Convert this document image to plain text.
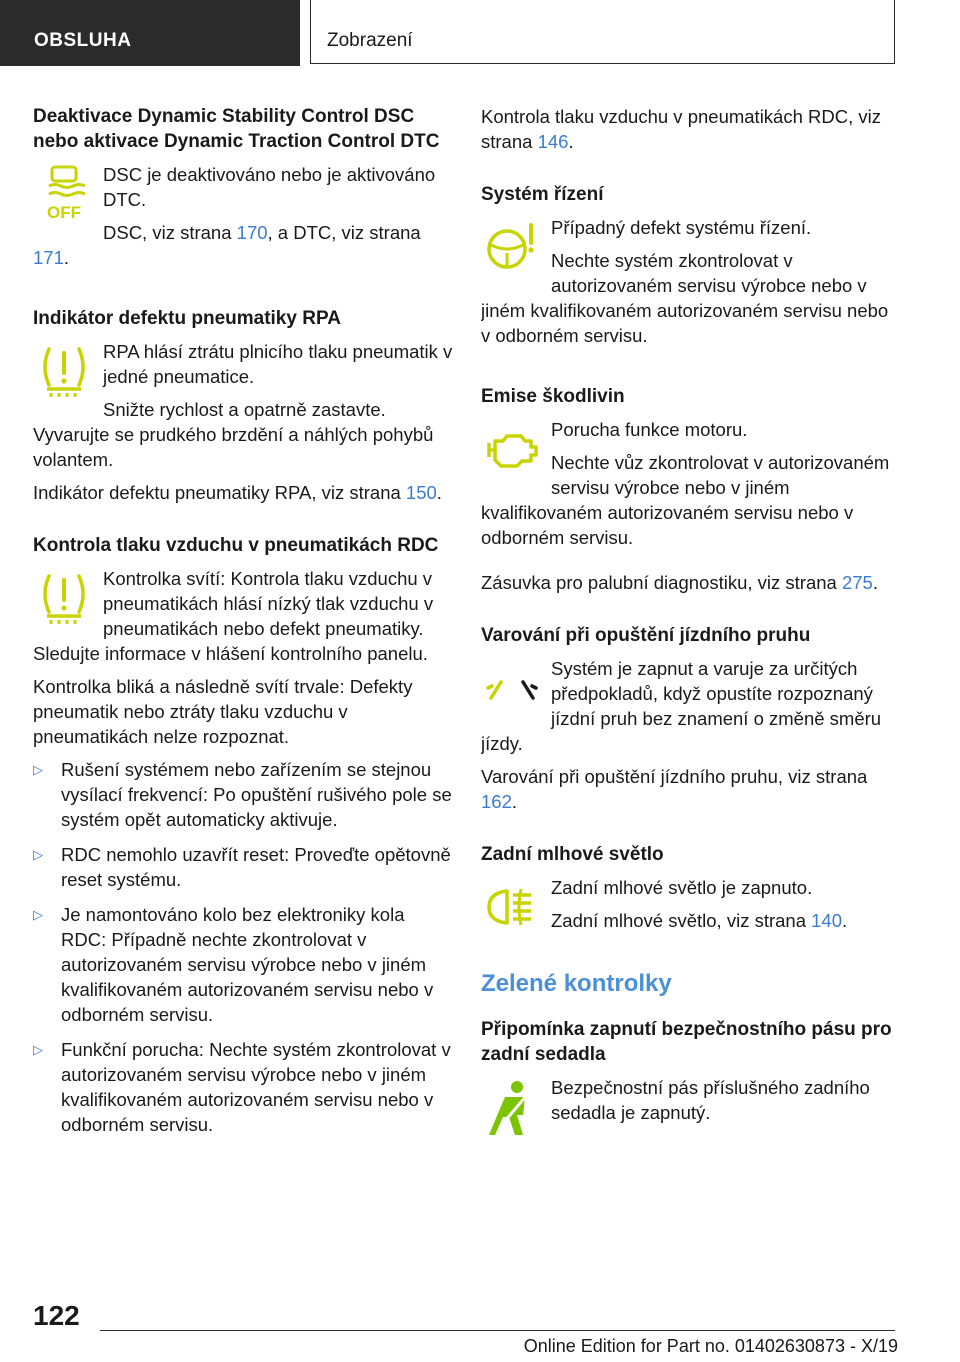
OBSLUHA	Zobrazení
Deaktivace Dynamic Stability Control DSC nebo aktivace Dynamic Traction Control DTC
OFF

DSC je deaktivováno nebo je aktivováno DTC.

DSC, viz strana 170, a DTC, viz strana 171.

Indikátor defektu pneumatiky RPA

RPA hlásí ztrátu plnicího tlaku pneumatik v jedné pneumatice.

Snižte rychlost a opatrně zastavte. Vyvarujte se prudkého brzdění a náhlých pohybů volantem.

Indikátor defektu pneumatiky RPA, viz strana 150.

Kontrola tlaku vzduchu v pneumatikách RDC

Kontrolka svítí: Kontrola tlaku vzduchu v pneumatikách hlásí nízký tlak vzduchu v pneumatikách nebo defekt pneumatiky. Sledujte informace v hlášení kontrolního panelu.

Kontrolka bliká a následně svítí trvale: Defekty pneumatik nebo ztráty tlaku vzduchu v pneumatikách nelze rozpoznat.

▷ Rušení systémem nebo zařízením se stejnou vysílací frekvencí: Po opuštění rušivého pole se systém opět automaticky aktivuje.
▷ RDC nemohlo uzavřít reset: Proveďte opětovně reset systému.
▷ Je namontováno kolo bez elektroniky kola RDC: Případně nechte zkontrolovat v autorizovaném servisu výrobce nebo v jiném kvalifikovaném autorizovaném servisu nebo v odborném servisu.
▷ Funkční porucha: Nechte systém zkontrolovat v autorizovaném servisu výrobce nebo v jiném kvalifikovaném autorizovaném servisu nebo v odborném servisu.

Kontrola tlaku vzduchu v pneumatikách RDC, viz strana 146.

Systém řízení

Případný defekt systému řízení.

Nechte systém zkontrolovat v autorizovaném servisu výrobce nebo v jiném kvalifikovaném autorizovaném servisu nebo v odborném servisu.

Emise škodlivin

Porucha funkce motoru.

Nechte vůz zkontrolovat v autorizovaném servisu výrobce nebo v jiném kvalifikovaném autorizovaném servisu nebo v odborném servisu.

Zásuvka pro palubní diagnostiku, viz strana 275.

Varování při opuštění jízdního pruhu

Systém je zapnut a varuje za určitých předpokladů, když opustíte rozpoznaný jízdní pruh bez znamení o změně směru jízdy.

Varování při opuštění jízdního pruhu, viz strana 162.

Zadní mlhové světlo

Zadní mlhové světlo je zapnuto.

Zadní mlhové světlo, viz strana 140.

Zelené kontrolky
Připomínka zapnutí bezpečnostního pásu pro zadní sedadla

Bezpečnostní pás příslušného zadního sedadla je zapnutý.

122
Online Edition for Part no. 01402630873 - X/19
